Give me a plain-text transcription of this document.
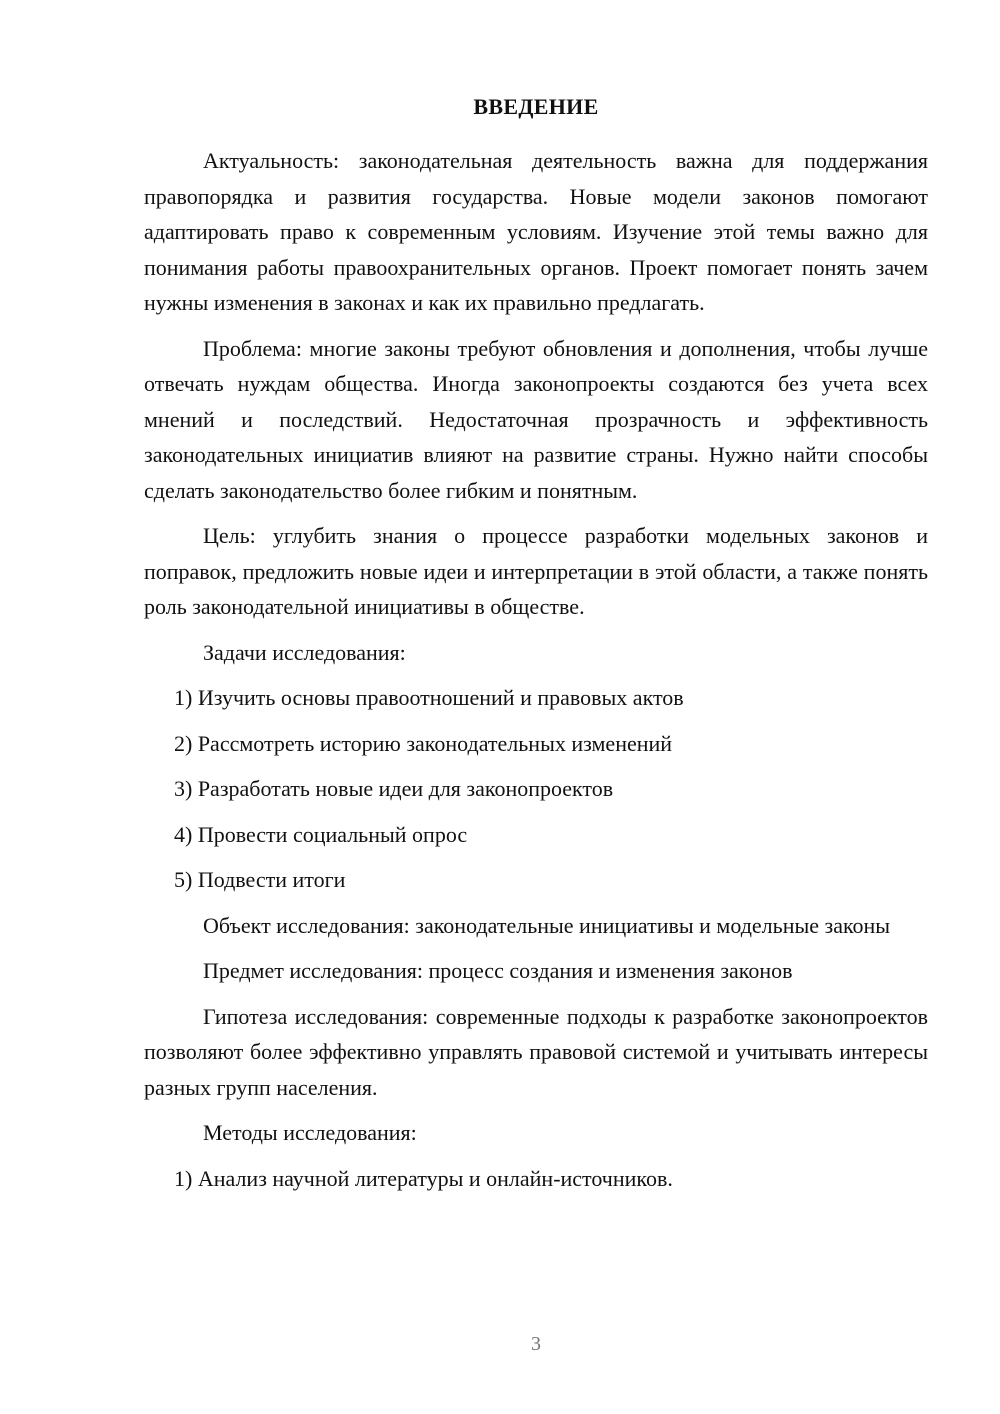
ВВЕДЕНИЕ

Актуальность: законодательная деятельность важна для поддержания правопорядка и развития государства. Новые модели законов помогают адаптировать право к современным условиям. Изучение этой темы важно для понимания работы правоохранительных органов. Проект помогает понять зачем нужны изменения в законах и как их правильно предлагать.

Проблема: многие законы требуют обновления и дополнения, чтобы лучше отвечать нуждам общества. Иногда законопроекты создаются без учета всех мнений и последствий. Недостаточная прозрачность и эффективность законодательных инициатив влияют на развитие страны. Нужно найти способы сделать законодательство более гибким и понятным.

Цель: углубить знания о процессе разработки модельных законов и поправок, предложить новые идеи и интерпретации в этой области, а также понять роль законодательной инициативы в обществе.

Задачи исследования:

1) Изучить основы правоотношений и правовых актов

2) Рассмотреть историю законодательных изменений

3) Разработать новые идеи для законопроектов

4) Провести социальный опрос

5) Подвести итоги

Объект исследования: законодательные инициативы и модельные законы

Предмет исследования: процесс создания и изменения законов

Гипотеза исследования: современные подходы к разработке законопроектов позволяют более эффективно управлять правовой системой и учитывать интересы разных групп населения.

Методы исследования:

1) Анализ научной литературы и онлайн-источников.

3
